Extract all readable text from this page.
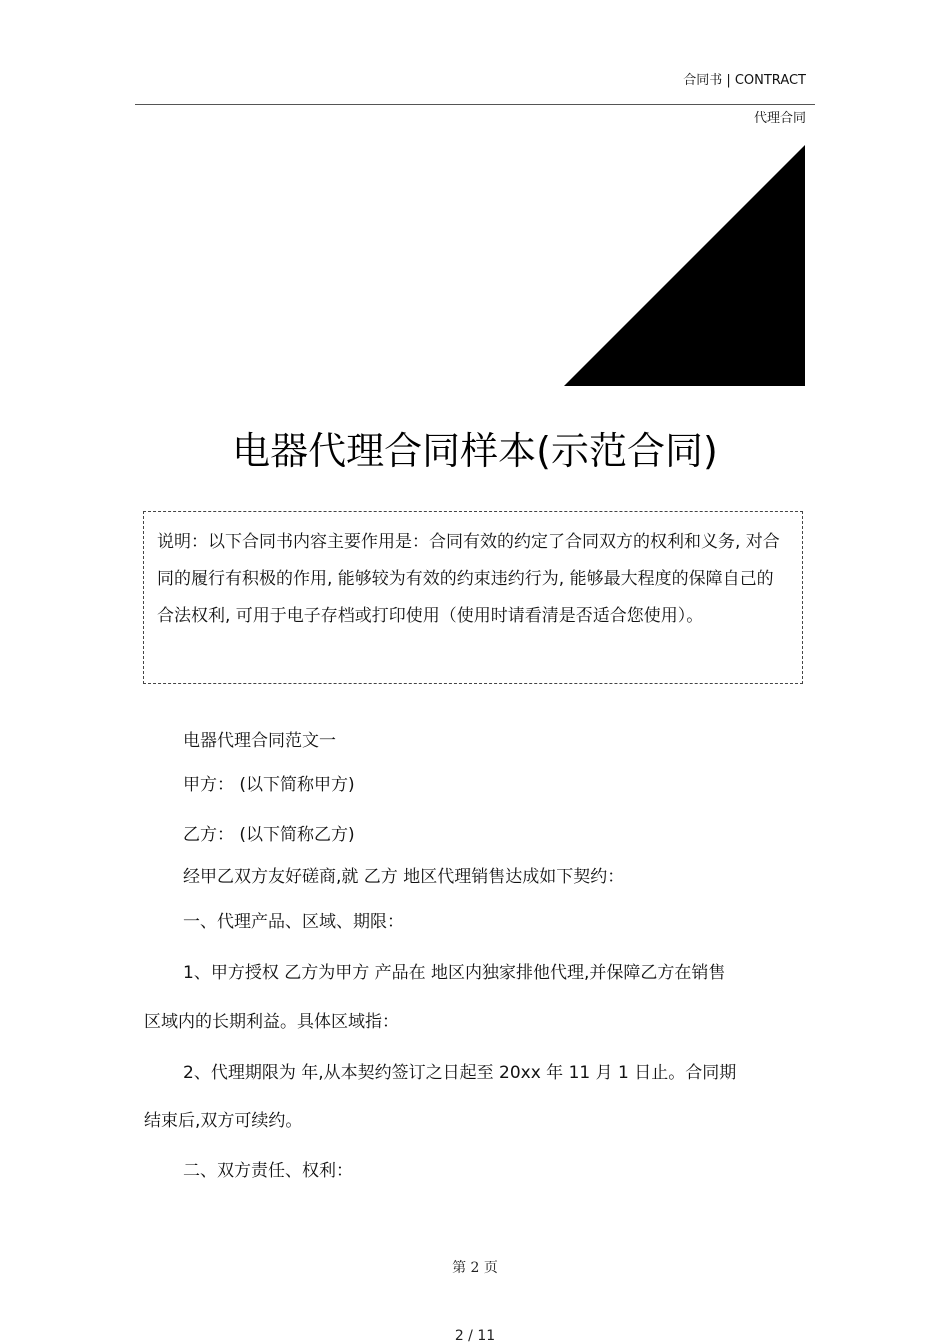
合同书 | CONTRACT
代理合同
电器代理合同样本(示范合同)
说明：以下合同书内容主要作用是：合同有效的约定了合同双方的权利和义务, 对合同的履行有积极的作用, 能够较为有效的约束违约行为, 能够最大程度的保障自己的合法权利, 可用于电子存档或打印使用（使用时请看清是否适合您使用）。
电器代理合同范文一
甲方： (以下简称甲方)
乙方： (以下简称乙方)
经甲乙双方友好磋商,就 乙方 地区代理销售达成如下契约：
一、代理产品、区域、期限：
1、甲方授权 乙方为甲方 产品在 地区内独家排他代理,并保障乙方在销售
区域内的长期利益。具体区域指：
2、代理期限为 年,从本契约签订之日起至 20xx 年 11 月 1 日止。合同期
结束后,双方可续约。
二、双方责任、权利：
第 2 页
2 / 11
